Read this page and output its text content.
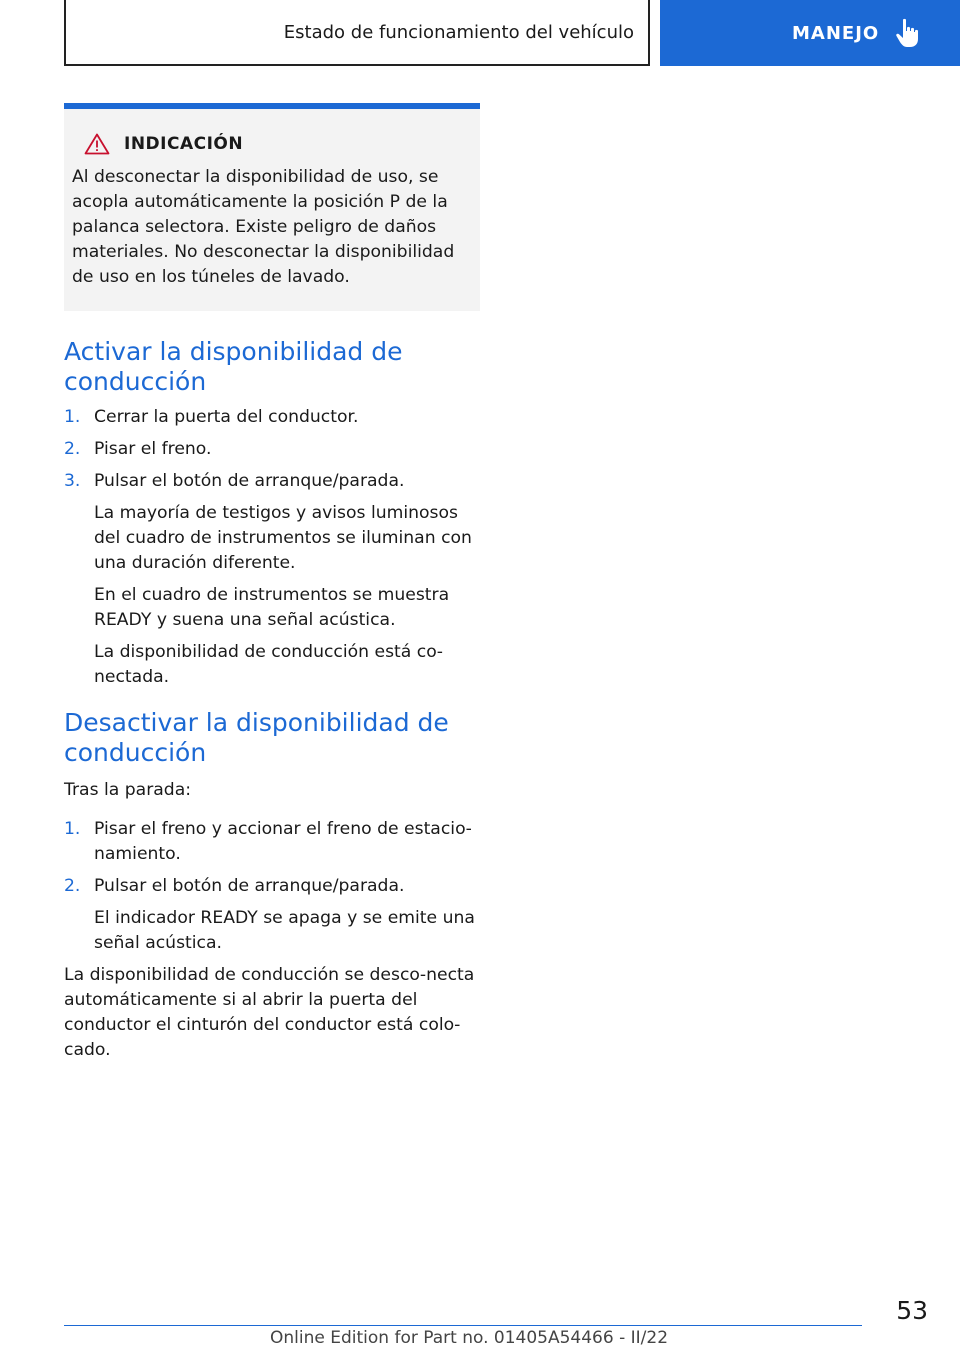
Estado de funcionamiento del vehículo	MANEJO
INDICACIÓN

Al desconectar la disponibilidad de uso, se acopla automáticamente la posición P de la palanca selectora. Existe peligro de daños materiales. No desconectar la disponibilidad de uso en los túneles de lavado.

Activar la disponibilidad de conducción
1. Cerrar la puerta del conductor.
2. Pisar el freno.
3. Pulsar el botón de arranque/parada.

La mayoría de testigos y avisos luminosos del cuadro de instrumentos se iluminan con una duración diferente.

En el cuadro de instrumentos se muestra READY y suena una señal acústica.

La disponibilidad de conducción está co‐nectada.

Desactivar la disponibilidad de conducción

Tras la parada:

1. Pisar el freno y accionar el freno de estacio‐namiento.
2. Pulsar el botón de arranque/parada.

El indicador READY se apaga y se emite una señal acústica.

La disponibilidad de conducción se desco‐necta automáticamente si al abrir la puerta del conductor el cinturón del conductor está colo‐cado.

53
Online Edition for Part no. 01405A54466 - II/22
